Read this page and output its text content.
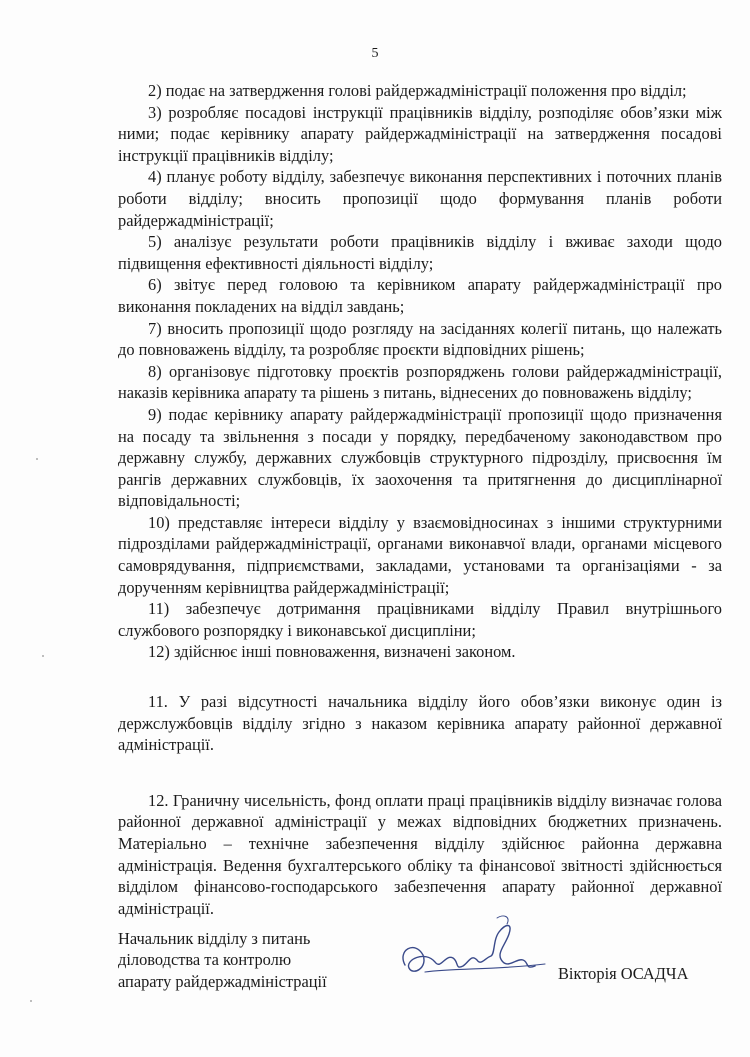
5

2) подає на затвердження голові райдержадміністрації положення про відділ;

3) розробляє посадові інструкції працівників відділу, розподіляє обов’язки між ними; подає керівнику апарату райдержадміністрації на затвердження посадові інструкції працівників відділу;

4) планує роботу відділу, забезпечує виконання перспективних і поточних планів роботи відділу; вносить пропозиції щодо формування планів роботи райдержадміністрації;

5) аналізує результати роботи працівників відділу і вживає заходи щодо підвищення ефективності діяльності відділу;

6) звітує перед головою та керівником апарату райдержадміністрації про виконання покладених на відділ завдань;

7) вносить пропозиції щодо розгляду на засіданнях колегії питань, що належать до повноважень відділу, та розробляє проєкти відповідних рішень;

8) організовує підготовку проєктів розпоряджень голови райдержадміністрації, наказів керівника апарату та рішень з питань, віднесених до повноважень відділу;

9) подає керівнику апарату райдержадміністрації пропозиції щодо призначення на посаду та звільнення з посади у порядку, передбаченому законодавством про державну службу, державних службовців структурного підрозділу, присвоєння їм рангів державних службовців, їх заохочення та притягнення до дисциплінарної відповідальності;

10) представляє інтереси відділу у взаємовідносинах з іншими структурними підрозділами райдержадміністрації, органами виконавчої влади, органами місцевого самоврядування, підприємствами, закладами, установами та організаціями - за дорученням керівництва райдержадміністрації;

11) забезпечує дотримання працівниками відділу Правил внутрішнього службового розпорядку і виконавської дисципліни;

12) здійснює інші повноваження, визначені законом.

11. У разі відсутності начальника відділу його обов’язки виконує один із держслужбовців відділу згідно з наказом керівника апарату районної державної адміністрації.

12. Граничну чисельність, фонд оплати праці працівників відділу визначає голова районної державної адміністрації у межах відповідних бюджетних призначень. Матеріально – технічне забезпечення відділу здійснює районна державна адміністрація. Ведення бухгалтерського обліку та фінансової звітності здійснюється відділом фінансово-господарського забезпечення апарату районної державної адміністрації.

Начальник відділу з питань
діловодства та контролю
апарату райдержадміністрації	Вікторія ОСАДЧА
